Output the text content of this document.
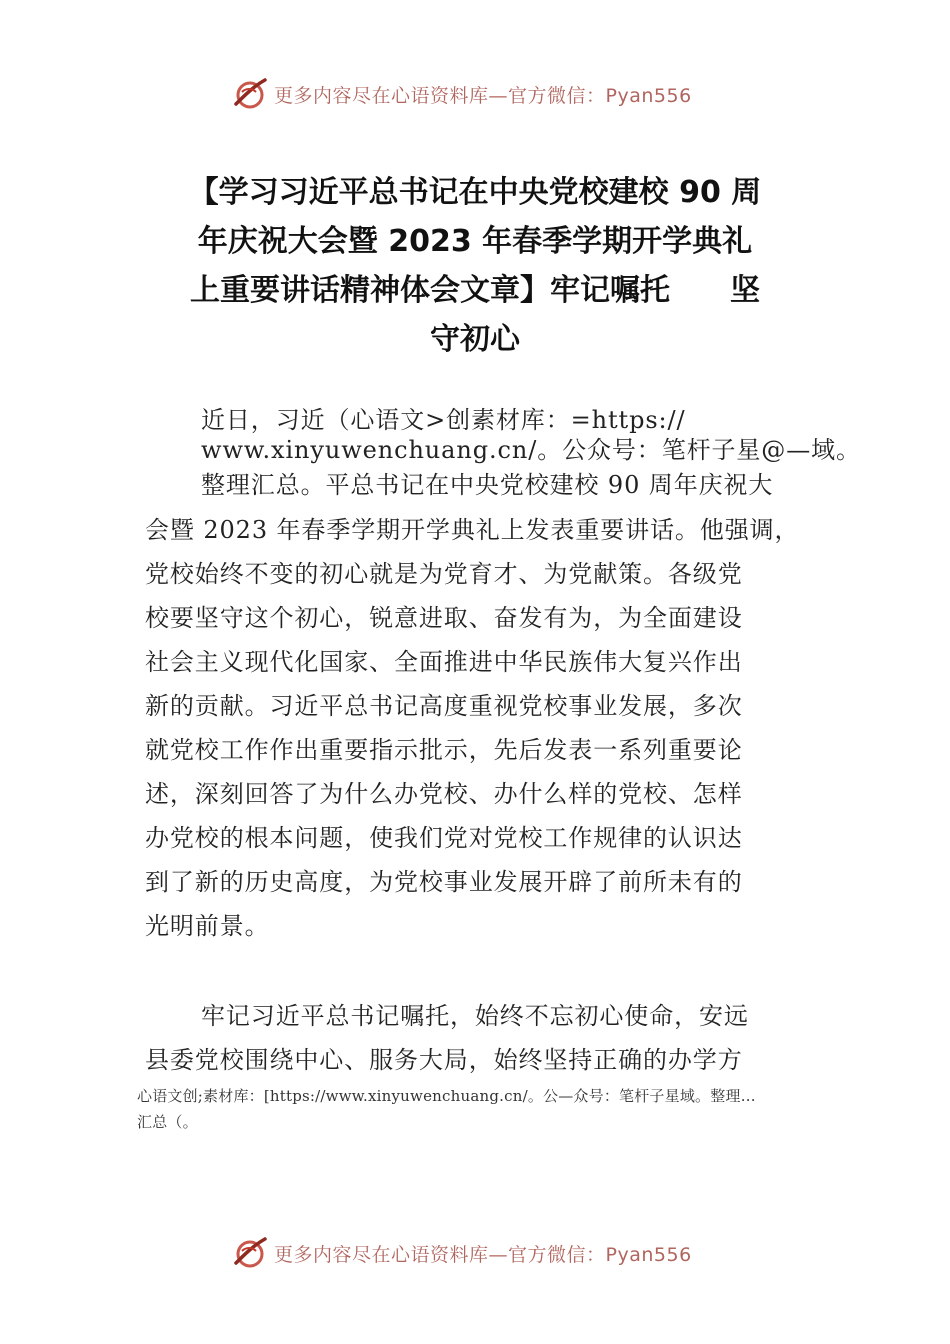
更多内容尽在心语资料库—官方微信：Pyan556
【学习习近平总书记在中央党校建校 90 周
年庆祝大会暨 2023 年春季学期开学典礼
上重要讲话精神体会文章】牢记嘱托　　坚
守初心
近日，习近（心语文>创素材库：=https://
www.xinyuwenchuang.cn/。公众号：笔杆子星@—域。
整理汇总。平总书记在中央党校建校 90 周年庆祝大
会暨 2023 年春季学期开学典礼上发表重要讲话。他强调，
党校始终不变的初心就是为党育才、为党献策。各级党
校要坚守这个初心，锐意进取、奋发有为，为全面建设
社会主义现代化国家、全面推进中华民族伟大复兴作出
新的贡献。习近平总书记高度重视党校事业发展，多次
就党校工作作出重要指示批示，先后发表一系列重要论
述，深刻回答了为什么办党校、办什么样的党校、怎样
办党校的根本问题，使我们党对党校工作规律的认识达
到了新的历史高度，为党校事业发展开辟了前所未有的
光明前景。
牢记习近平总书记嘱托，始终不忘初心使命，安远
县委党校围绕中心、服务大局，始终坚持正确的办学方
心语文创;素材库：[https://www.xinyuwenchuang.cn/。公—众号：笔杆子星域。整理…
汇总（。
更多内容尽在心语资料库—官方微信：Pyan556
